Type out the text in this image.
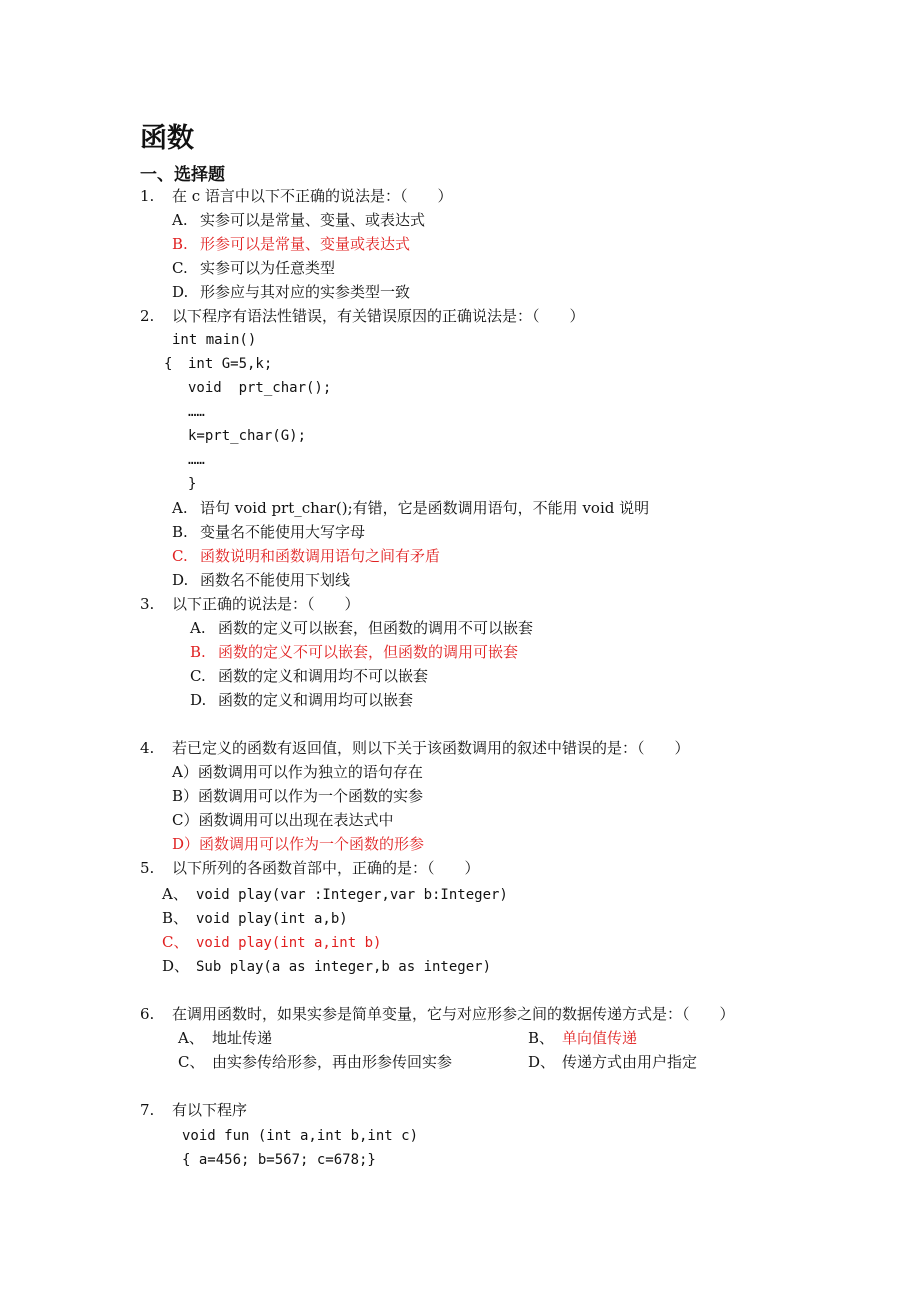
函数
一、选择题
1. 在 c 语言中以下不正确的说法是：（　　）
A. 实参可以是常量、变量、或表达式
B. 形参可以是常量、变量或表达式
C. 实参可以为任意类型
D. 形参应与其对应的实参类型一致
2. 以下程序有语法性错误，有关错误原因的正确说法是：（　　）
int main()
{ int G=5,k;
void  prt_char();
……
k=prt_char(G);
……
}
A. 语句 void prt_char();有错，它是函数调用语句，不能用 void 说明
B. 变量名不能使用大写字母
C. 函数说明和函数调用语句之间有矛盾
D. 函数名不能使用下划线
3. 以下正确的说法是：（　　）
A. 函数的定义可以嵌套，但函数的调用不可以嵌套
B. 函数的定义不可以嵌套，但函数的调用可嵌套
C. 函数的定义和调用均不可以嵌套
D. 函数的定义和调用均可以嵌套
4. 若已定义的函数有返回值，则以下关于该函数调用的叙述中错误的是：（　　）
A）函数调用可以作为独立的语句存在
B）函数调用可以作为一个函数的实参
C）函数调用可以出现在表达式中
D）函数调用可以作为一个函数的形参
5. 以下所列的各函数首部中，正确的是：（　　）
A、 void play(var :Integer,var b:Integer)
B、 void play(int a,b)
C、 void play(int a,int b)
D、 Sub play(a as integer,b as integer)
6. 在调用函数时，如果实参是简单变量，它与对应形参之间的数据传递方式是：（　　）
A、 地址传递	B、 单向值传递
C、 由实参传给形参，再由形参传回实参	D、 传递方式由用户指定
7. 有以下程序
void fun (int a,int b,int c)
{ a=456; b=567; c=678;}
